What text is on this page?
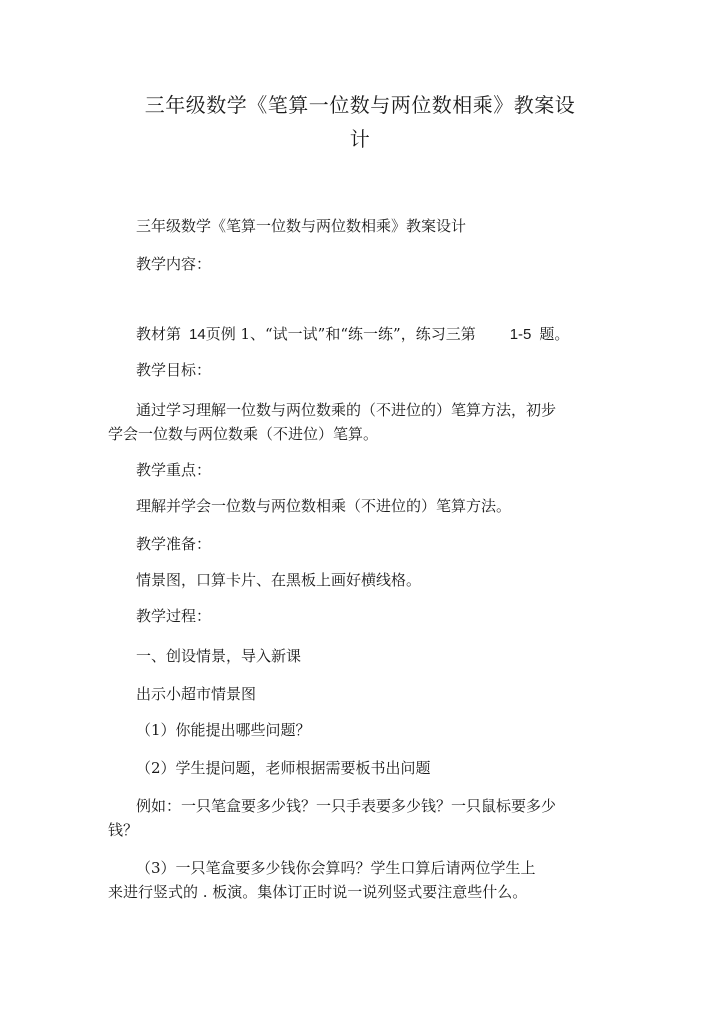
三年级数学《笔算一位数与两位数相乘》教案设
计
三年级数学《笔算一位数与两位数相乘》教案设计
教学内容：
教材第 14页例 1、“试一试”和“练一练”，练习三第 1-5 题。
教学目标：
通过学习理解一位数与两位数乘的（不进位的）笔算方法，初步
学会一位数与两位数乘（不进位）笔算。
教学重点：
理解并学会一位数与两位数相乘（不进位的）笔算方法。
教学准备：
情景图，口算卡片、在黑板上画好横线格。
教学过程：
一、创设情景，导入新课
出示小超市情景图
（1）你能提出哪些问题？
（2）学生提问题，老师根据需要板书出问题
例如：一只笔盒要多少钱？一只手表要多少钱？一只鼠标要多少
钱？
（3）一只笔盒要多少钱你会算吗？学生口算后请两位学生上
来进行竖式的 . 板演。集体订正时说一说列竖式要注意些什么。
